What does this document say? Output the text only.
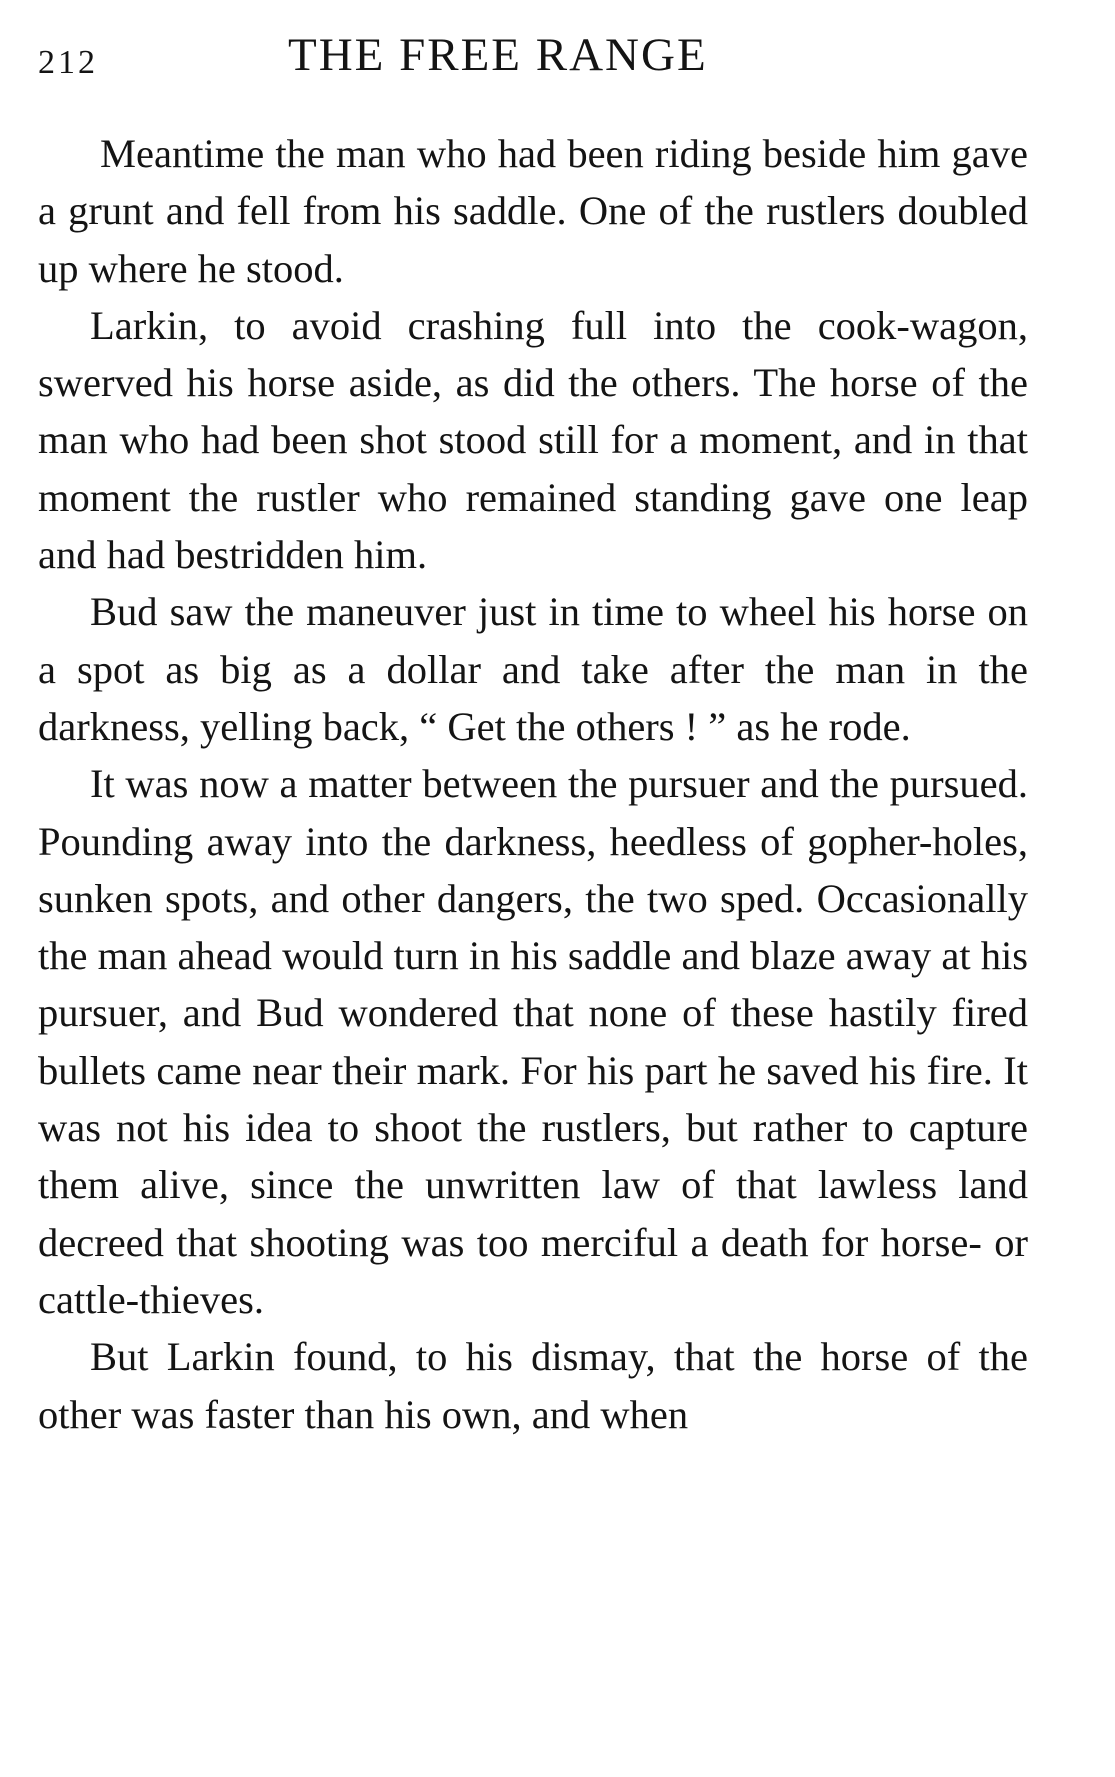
212	THE FREE RANGE

Meantime the man who had been riding beside him gave a grunt and fell from his saddle. One of the rustlers doubled up where he stood.

Larkin, to avoid crashing full into the cook-wagon, swerved his horse aside, as did the others. The horse of the man who had been shot stood still for a moment, and in that moment the rustler who remained standing gave one leap and had bestridden him.

Bud saw the maneuver just in time to wheel his horse on a spot as big as a dollar and take after the man in the darkness, yelling back, “ Get the others ! ” as he rode.

It was now a matter between the pursuer and the pursued. Pounding away into the darkness, heedless of gopher-holes, sunken spots, and other dangers, the two sped. Occasionally the man ahead would turn in his saddle and blaze away at his pursuer, and Bud wondered that none of these hastily fired bullets came near their mark. For his part he saved his fire. It was not his idea to shoot the rustlers, but rather to capture them alive, since the unwritten law of that lawless land decreed that shooting was too merciful a death for horse- or cattle-thieves.

But Larkin found, to his dismay, that the horse of the other was faster than his own, and when
